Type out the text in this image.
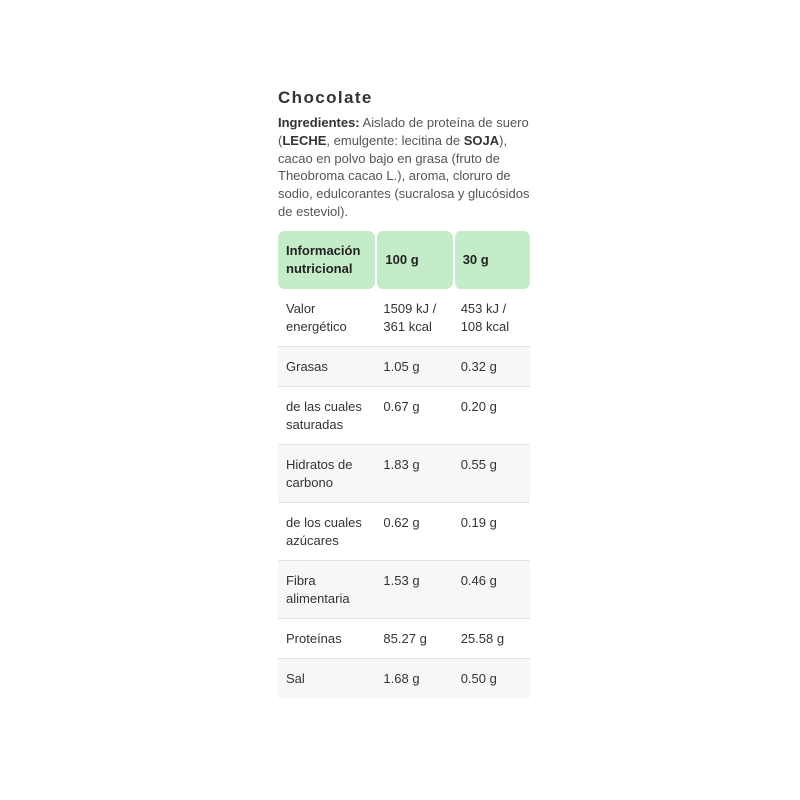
Chocolate
Ingredientes: Aislado de proteína de suero (LECHE, emulgente: lecitina de SOJA), cacao en polvo bajo en grasa (fruto de Theobroma cacao L.), aroma, cloruro de sodio, edulcorantes (sucralosa y glucósidos de esteviol).
Información nutricional	100 g	30 g
Valor energético	1509 kJ / 361 kcal	453 kJ / 108 kcal
Grasas	1.05 g	0.32 g
de las cuales saturadas	0.67 g	0.20 g
Hidratos de carbono	1.83 g	0.55 g
de los cuales azúcares	0.62 g	0.19 g
Fibra alimentaria	1.53 g	0.46 g
Proteínas	85.27 g	25.58 g
Sal	1.68 g	0.50 g
